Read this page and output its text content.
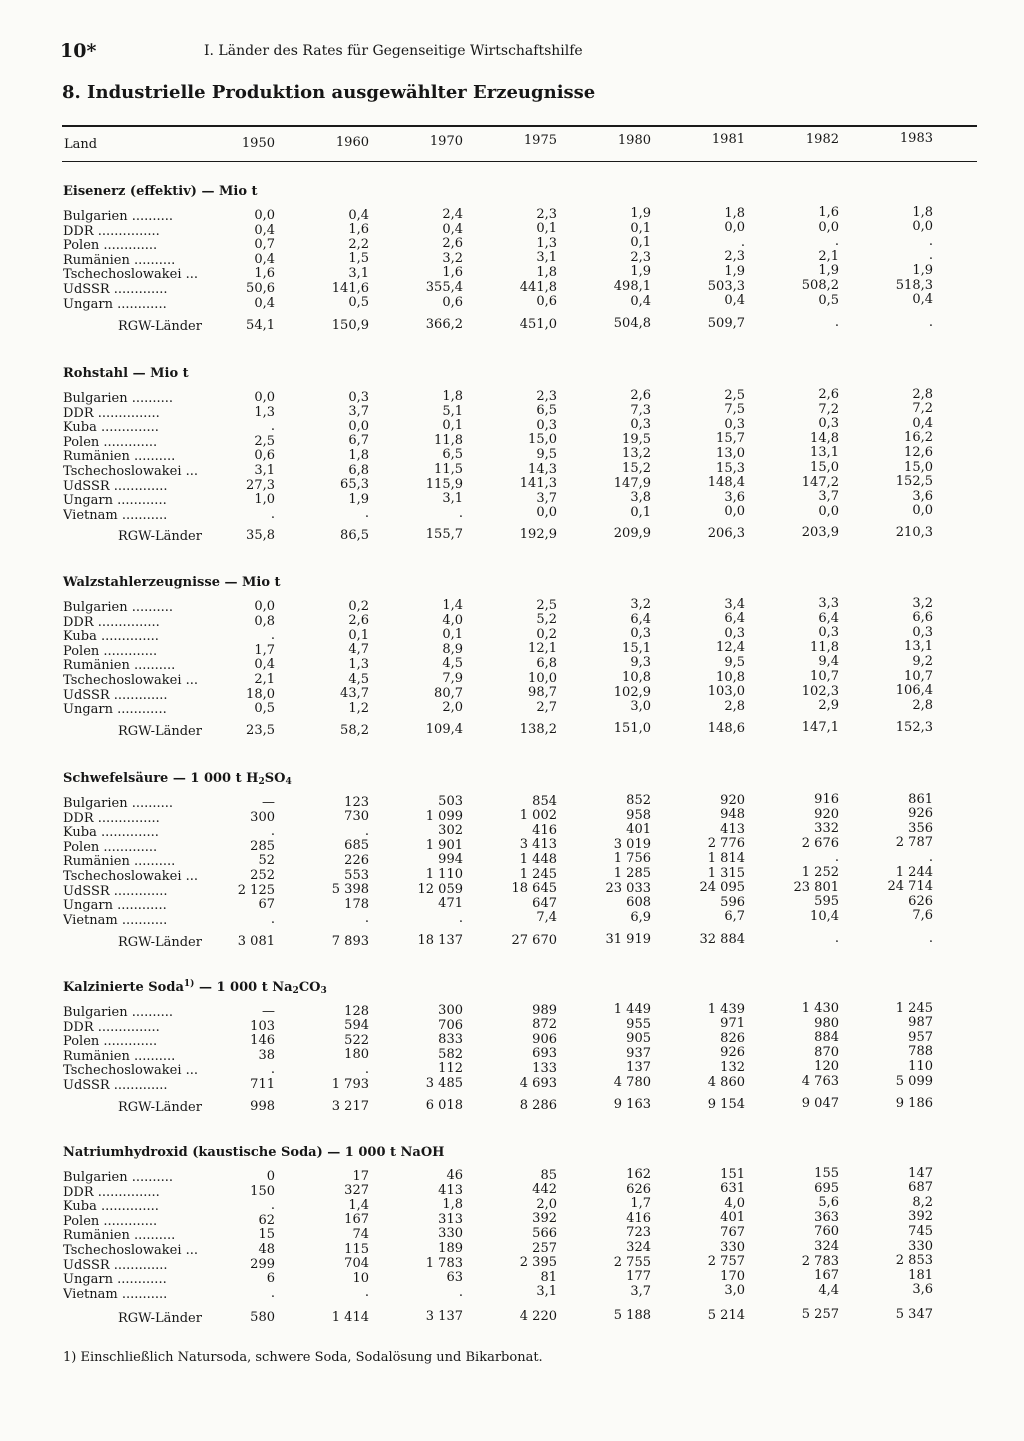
10*	I. Länder des Rates für Gegenseitige Wirtschaftshilfe
8. Industrielle Produktion ausgewählter Erzeugnisse
Land	1950	1960	1970	1975	1980	1981	1982	1983
Eisenerz (effektiv) — Mio t
Bulgarien ..........	0,0	0,4	2,4	2,3	1,9	1,8	1,6	1,8
DDR ...............	0,4	1,6	0,4	0,1	0,1	0,0	0,0	0,0
Polen .............	0,7	2,2	2,6	1,3	0,1	.	.	.
Rumänien ..........	0,4	1,5	3,2	3,1	2,3	2,3	2,1	.
Tschechoslowakei ...	1,6	3,1	1,6	1,8	1,9	1,9	1,9	1,9
UdSSR .............	50,6	141,6	355,4	441,8	498,1	503,3	508,2	518,3
Ungarn ............	0,4	0,5	0,6	0,6	0,4	0,4	0,5	0,4
RGW-Länder	54,1	150,9	366,2	451,0	504,8	509,7	.	.
Rohstahl — Mio t
Bulgarien ..........	0,0	0,3	1,8	2,3	2,6	2,5	2,6	2,8
DDR ...............	1,3	3,7	5,1	6,5	7,3	7,5	7,2	7,2
Kuba ..............	.	0,0	0,1	0,3	0,3	0,3	0,3	0,4
Polen .............	2,5	6,7	11,8	15,0	19,5	15,7	14,8	16,2
Rumänien ..........	0,6	1,8	6,5	9,5	13,2	13,0	13,1	12,6
Tschechoslowakei ...	3,1	6,8	11,5	14,3	15,2	15,3	15,0	15,0
UdSSR .............	27,3	65,3	115,9	141,3	147,9	148,4	147,2	152,5
Ungarn ............	1,0	1,9	3,1	3,7	3,8	3,6	3,7	3,6
Vietnam ...........	.	.	.	0,0	0,1	0,0	0,0	0,0
RGW-Länder	35,8	86,5	155,7	192,9	209,9	206,3	203,9	210,3
Walzstahlerzeugnisse — Mio t
Bulgarien ..........	0,0	0,2	1,4	2,5	3,2	3,4	3,3	3,2
DDR ...............	0,8	2,6	4,0	5,2	6,4	6,4	6,4	6,6
Kuba ..............	.	0,1	0,1	0,2	0,3	0,3	0,3	0,3
Polen .............	1,7	4,7	8,9	12,1	15,1	12,4	11,8	13,1
Rumänien ..........	0,4	1,3	4,5	6,8	9,3	9,5	9,4	9,2
Tschechoslowakei ...	2,1	4,5	7,9	10,0	10,8	10,8	10,7	10,7
UdSSR .............	18,0	43,7	80,7	98,7	102,9	103,0	102,3	106,4
Ungarn ............	0,5	1,2	2,0	2,7	3,0	2,8	2,9	2,8
RGW-Länder	23,5	58,2	109,4	138,2	151,0	148,6	147,1	152,3
Schwefelsäure — 1 000 t $H_2SO_4$
Bulgarien ..........	—	123	503	854	852	920	916	861
DDR ...............	300	730	1 099	1 002	958	948	920	926
Kuba ..............	.	.	302	416	401	413	332	356
Polen .............	285	685	1 901	3 413	3 019	2 776	2 676	2 787
Rumänien ..........	52	226	994	1 448	1 756	1 814	.	.
Tschechoslowakei ...	252	553	1 110	1 245	1 285	1 315	1 252	1 244
UdSSR .............	2 125	5 398	12 059	18 645	23 033	24 095	23 801	24 714
Ungarn ............	67	178	471	647	608	596	595	626
Vietnam ...........	.	.	.	7,4	6,9	6,7	10,4	7,6
RGW-Länder	3 081	7 893	18 137	27 670	31 919	32 884	.	.
Kalzinierte Soda$^{1)}$ — 1 000 t $Na_2CO_3$
Bulgarien ..........	—	128	300	989	1 449	1 439	1 430	1 245
DDR ...............	103	594	706	872	955	971	980	987
Polen .............	146	522	833	906	905	826	884	957
Rumänien ..........	38	180	582	693	937	926	870	788
Tschechoslowakei ...	.	.	112	133	137	132	120	110
UdSSR .............	711	1 793	3 485	4 693	4 780	4 860	4 763	5 099
RGW-Länder	998	3 217	6 018	8 286	9 163	9 154	9 047	9 186
Natriumhydroxid (kaustische Soda) — 1 000 t NaOH
Bulgarien ..........	0	17	46	85	162	151	155	147
DDR ...............	150	327	413	442	626	631	695	687
Kuba ..............	.	1,4	1,8	2,0	1,7	4,0	5,6	8,2
Polen .............	62	167	313	392	416	401	363	392
Rumänien ..........	15	74	330	566	723	767	760	745
Tschechoslowakei ...	48	115	189	257	324	330	324	330
UdSSR .............	299	704	1 783	2 395	2 755	2 757	2 783	2 853
Ungarn ............	6	10	63	81	177	170	167	181
Vietnam ...........	.	.	.	3,1	3,7	3,0	4,4	3,6
RGW-Länder	580	1 414	3 137	4 220	5 188	5 214	5 257	5 347
1) Einschließlich Natursoda, schwere Soda, Sodalösung und Bikarbonat.
